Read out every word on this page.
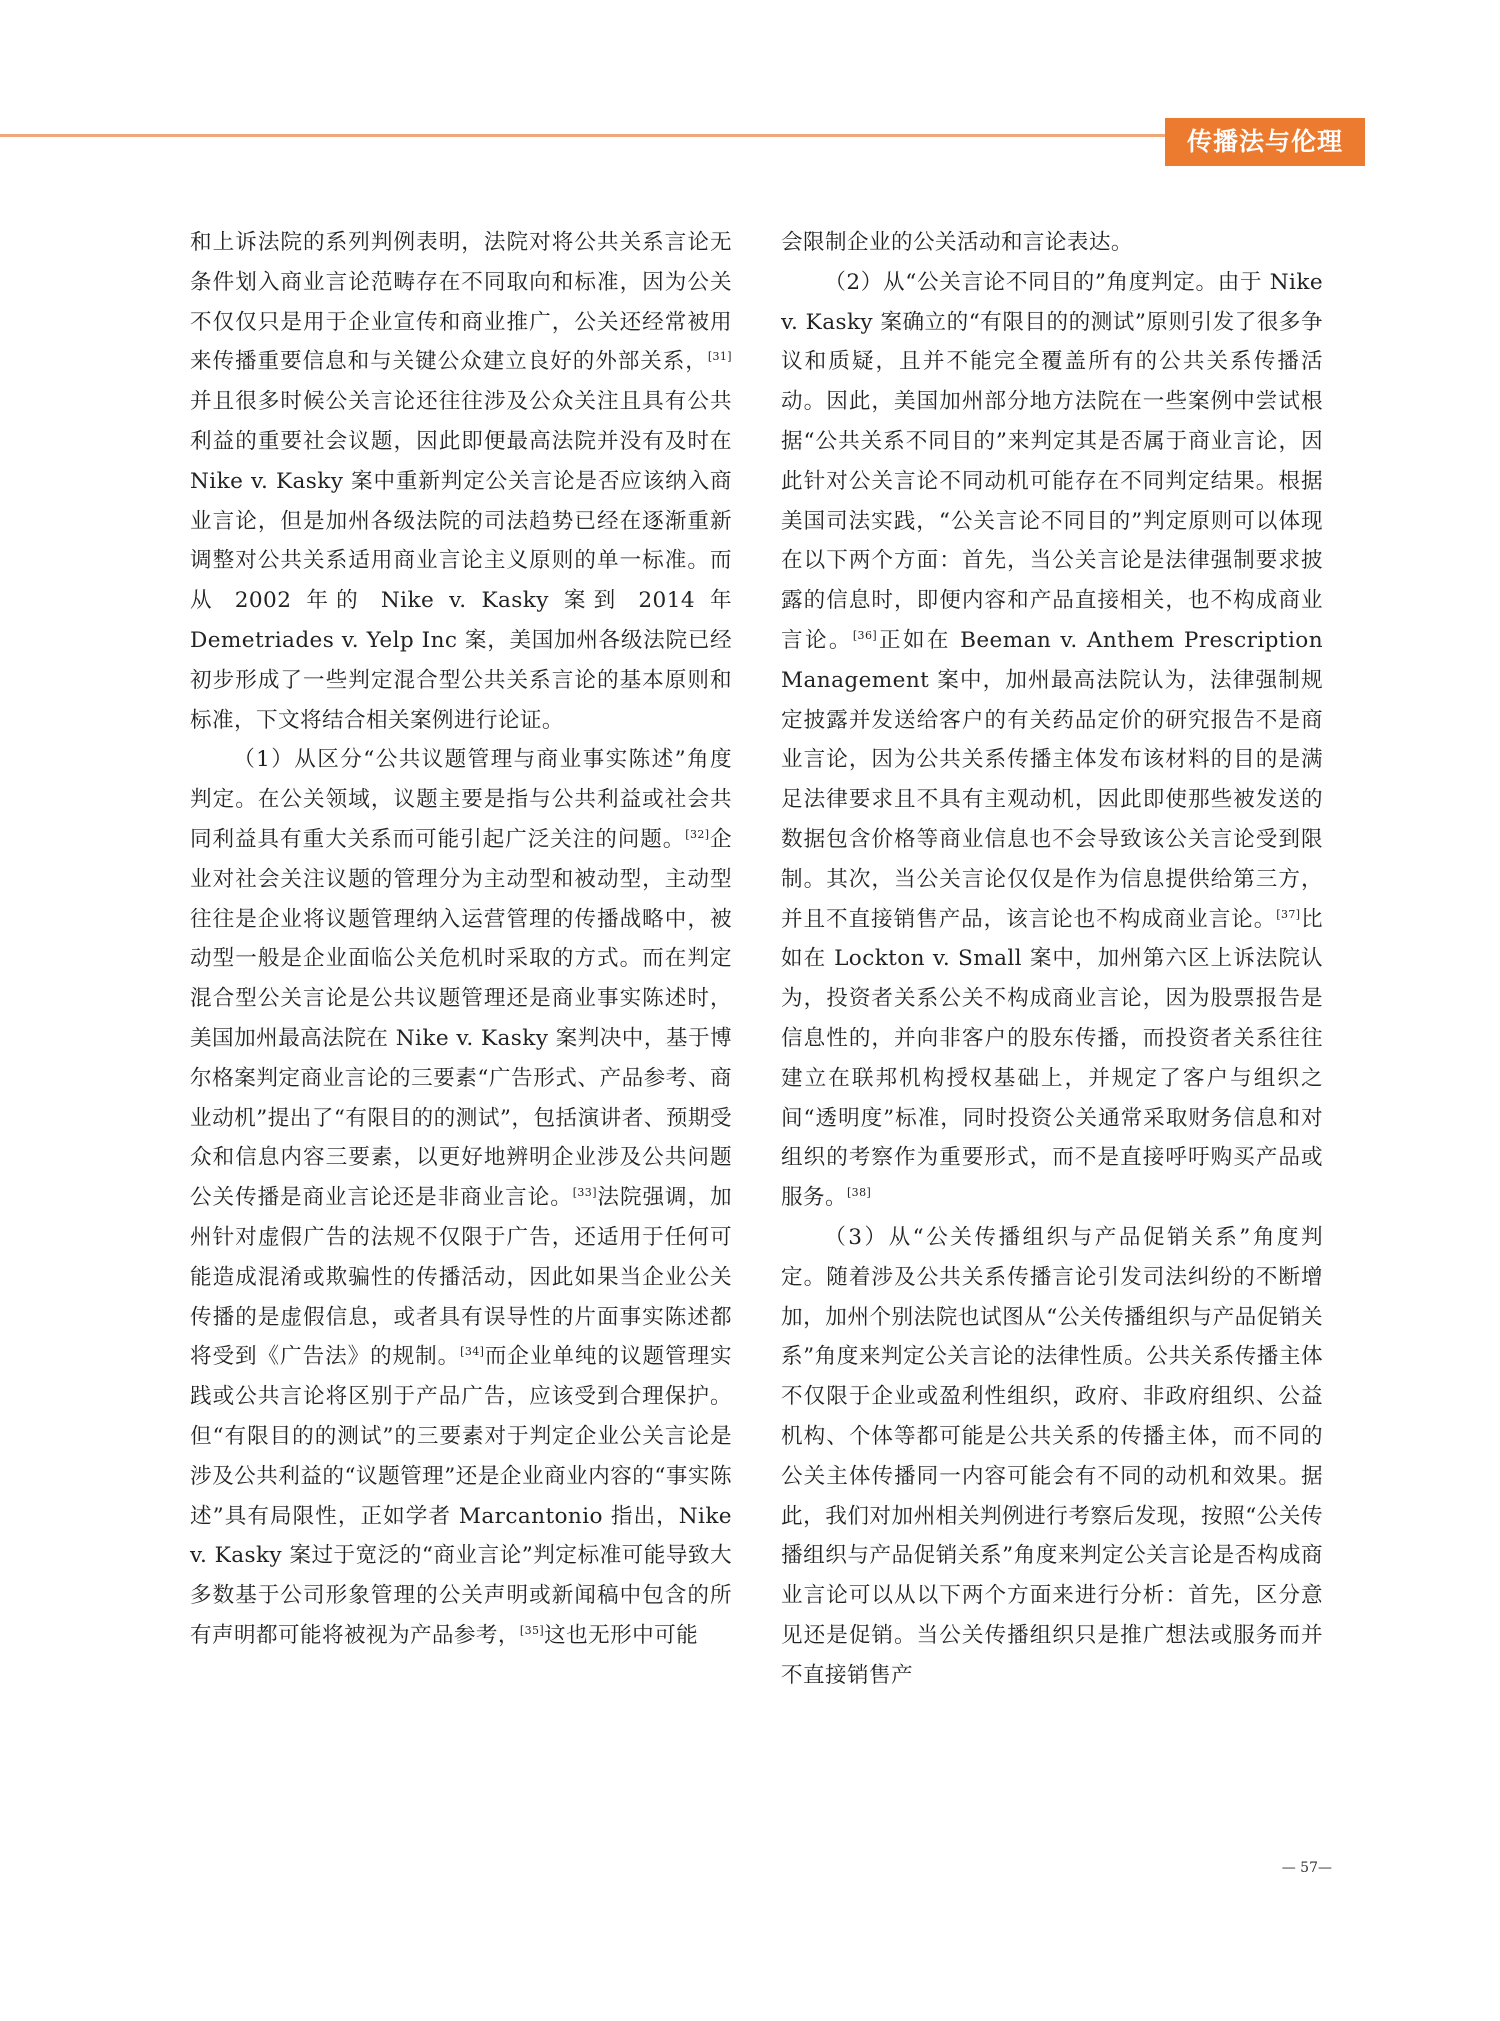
传播法与伦理

和上诉法院的系列判例表明，法院对将公共关系言论无条件划入商业言论范畴存在不同取向和标准，因为公关不仅仅只是用于企业宣传和商业推广，公关还经常被用来传播重要信息和与关键公众建立良好的外部关系，[31]并且很多时候公关言论还往往涉及公众关注且具有公共利益的重要社会议题，因此即便最高法院并没有及时在 Nike v. Kasky 案中重新判定公关言论是否应该纳入商业言论，但是加州各级法院的司法趋势已经在逐渐重新调整对公共关系适用商业言论主义原则的单一标准。而从 2002 年的 Nike v. Kasky 案到 2014 年 Demetriades v. Yelp Inc 案，美国加州各级法院已经初步形成了一些判定混合型公共关系言论的基本原则和标准，下文将结合相关案例进行论证。

（1）从区分“公共议题管理与商业事实陈述”角度判定。在公关领域，议题主要是指与公共利益或社会共同利益具有重大关系而可能引起广泛关注的问题。[32]企业对社会关注议题的管理分为主动型和被动型，主动型往往是企业将议题管理纳入运营管理的传播战略中，被动型一般是企业面临公关危机时采取的方式。而在判定混合型公关言论是公共议题管理还是商业事实陈述时，美国加州最高法院在 Nike v. Kasky 案判决中，基于博尔格案判定商业言论的三要素“广告形式、产品参考、商业动机”提出了“有限目的的测试”，包括演讲者、预期受众和信息内容三要素，以更好地辨明企业涉及公共问题公关传播是商业言论还是非商业言论。[33]法院强调，加州针对虚假广告的法规不仅限于广告，还适用于任何可能造成混淆或欺骗性的传播活动，因此如果当企业公关传播的是虚假信息，或者具有误导性的片面事实陈述都将受到《广告法》的规制。[34]而企业单纯的议题管理实践或公共言论将区别于产品广告，应该受到合理保护。但“有限目的的测试”的三要素对于判定企业公关言论是涉及公共利益的“议题管理”还是企业商业内容的“事实陈述”具有局限性，正如学者 Marcantonio 指出，Nike v. Kasky 案过于宽泛的“商业言论”判定标准可能导致大多数基于公司形象管理的公关声明或新闻稿中包含的所有声明都可能将被视为产品参考，[35]这也无形中可能

会限制企业的公关活动和言论表达。

（2）从“公关言论不同目的”角度判定。由于 Nike v. Kasky 案确立的“有限目的的测试”原则引发了很多争议和质疑，且并不能完全覆盖所有的公共关系传播活动。因此，美国加州部分地方法院在一些案例中尝试根据“公共关系不同目的”来判定其是否属于商业言论，因此针对公关言论不同动机可能存在不同判定结果。根据美国司法实践，“公关言论不同目的”判定原则可以体现在以下两个方面：首先，当公关言论是法律强制要求披露的信息时，即便内容和产品直接相关，也不构成商业言论。[36]正如在 Beeman v. Anthem Prescription Management 案中，加州最高法院认为，法律强制规定披露并发送给客户的有关药品定价的研究报告不是商业言论，因为公共关系传播主体发布该材料的目的是满足法律要求且不具有主观动机，因此即使那些被发送的数据包含价格等商业信息也不会导致该公关言论受到限制。其次，当公关言论仅仅是作为信息提供给第三方，并且不直接销售产品，该言论也不构成商业言论。[37]比如在 Lockton v. Small 案中，加州第六区上诉法院认为，投资者关系公关不构成商业言论，因为股票报告是信息性的，并向非客户的股东传播，而投资者关系往往建立在联邦机构授权基础上，并规定了客户与组织之间“透明度”标准，同时投资公关通常采取财务信息和对组织的考察作为重要形式，而不是直接呼吁购买产品或服务。[38]

（3）从“公关传播组织与产品促销关系”角度判定。随着涉及公共关系传播言论引发司法纠纷的不断增加，加州个别法院也试图从“公关传播组织与产品促销关系”角度来判定公关言论的法律性质。公共关系传播主体不仅限于企业或盈利性组织，政府、非政府组织、公益机构、个体等都可能是公共关系的传播主体，而不同的公关主体传播同一内容可能会有不同的动机和效果。据此，我们对加州相关判例进行考察后发现，按照“公关传播组织与产品促销关系”角度来判定公关言论是否构成商业言论可以从以下两个方面来进行分析：首先，区分意见还是促销。当公关传播组织只是推广想法或服务而并不直接销售产

— 57—
